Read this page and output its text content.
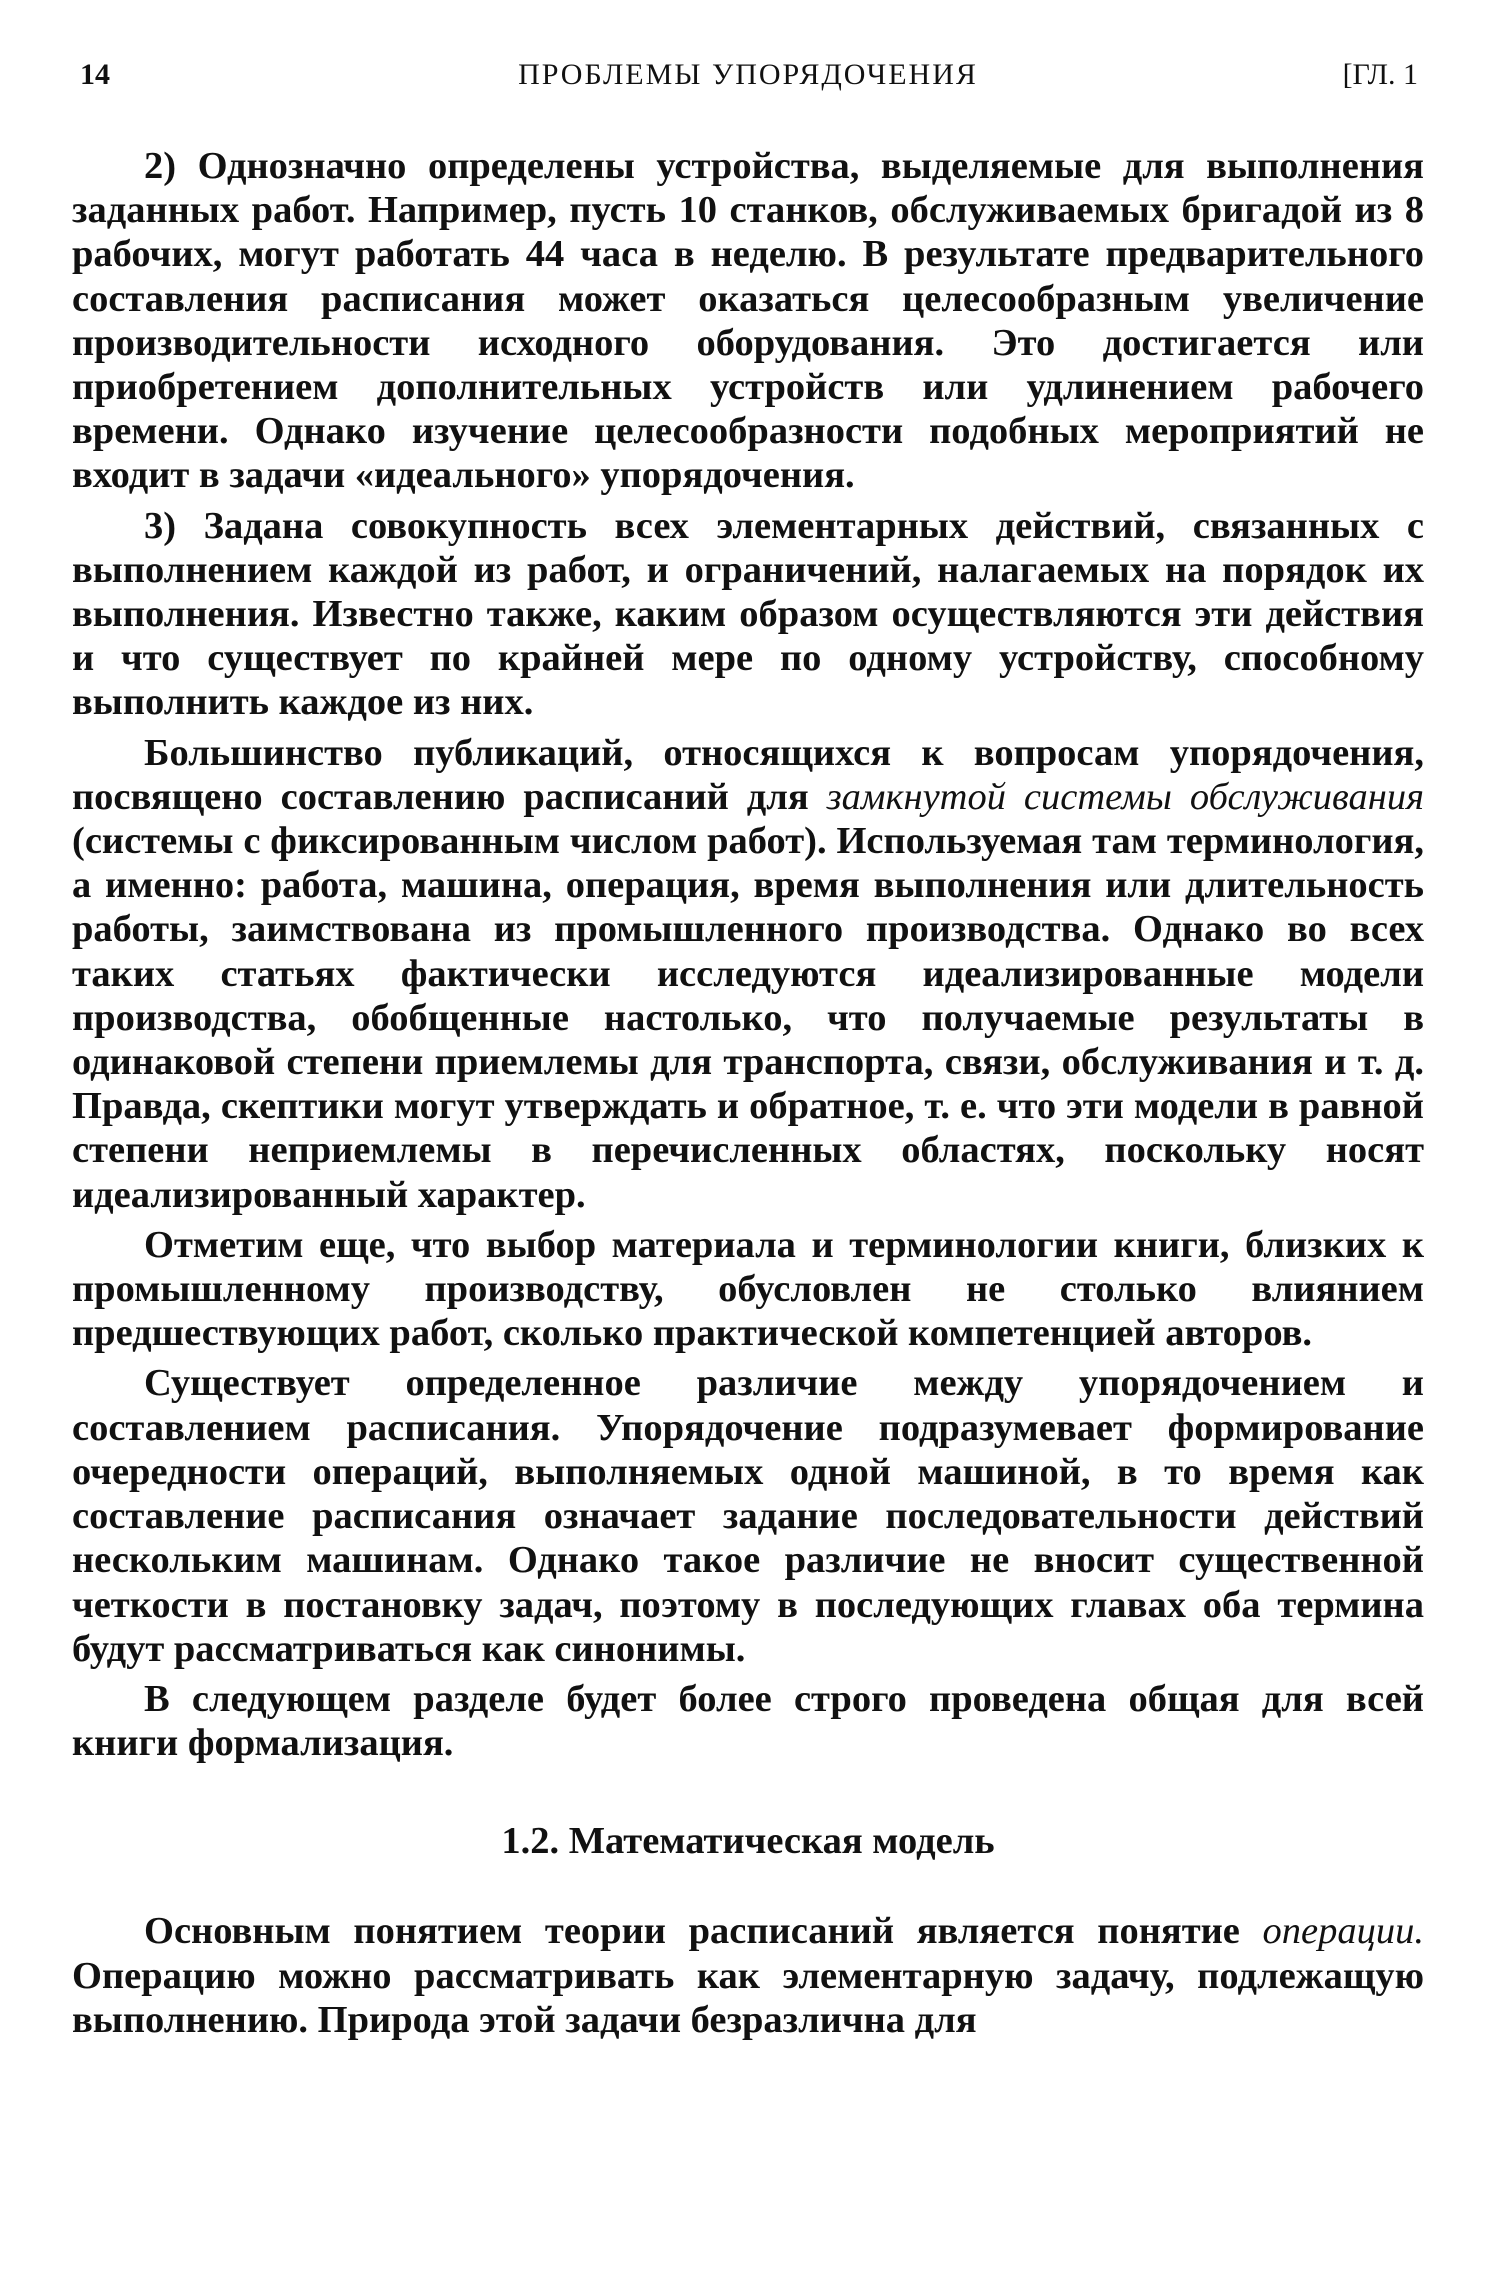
14	ПРОБЛЕМЫ УПОРЯДОЧЕНИЯ	[ГЛ. 1

2) Однозначно определены устройства, выделяемые для выполнения заданных работ. Например, пусть 10 станков, обслуживаемых бригадой из 8 рабочих, могут работать 44 часа в неделю. В результате предварительного составления расписания может оказаться целесообразным увеличение производительности исходного оборудования. Это достигается или приобретением дополнительных устройств или удлинением рабочего времени. Однако изучение целесообразности подобных мероприятий не входит в задачи «идеального» упорядочения.

3) Задана совокупность всех элементарных действий, связанных с выполнением каждой из работ, и ограничений, налагаемых на порядок их выполнения. Известно также, каким образом осуществляются эти действия и что существует по крайней мере по одному устройству, способному выполнить каждое из них.

Большинство публикаций, относящихся к вопросам упорядочения, посвящено составлению расписаний для замкнутой системы обслуживания (системы с фиксированным числом работ). Используемая там терминология, а именно: работа, машина, операция, время выполнения или длительность работы, заимствована из промышленного производства. Однако во всех таких статьях фактически исследуются идеализированные модели производства, обобщенные настолько, что получаемые результаты в одинаковой степени приемлемы для транспорта, связи, обслуживания и т. д. Правда, скептики могут утверждать и обратное, т. е. что эти модели в равной степени неприемлемы в перечисленных областях, поскольку носят идеализированный характер.

Отметим еще, что выбор материала и терминологии книги, близких к промышленному производству, обусловлен не столько влиянием предшествующих работ, сколько практической компетенцией авторов.

Существует определенное различие между упорядочением и составлением расписания. Упорядочение подразумевает формирование очередности операций, выполняемых одной машиной, в то время как составление расписания означает задание последовательности действий нескольким машинам. Однако такое различие не вносит существенной четкости в постановку задач, поэтому в последующих главах оба термина будут рассматриваться как синонимы.

В следующем разделе будет более строго проведена общая для всей книги формализация.

1.2. Математическая модель

Основным понятием теории расписаний является понятие операции. Операцию можно рассматривать как элементарную задачу, подлежащую выполнению. Природа этой задачи безразлична для
